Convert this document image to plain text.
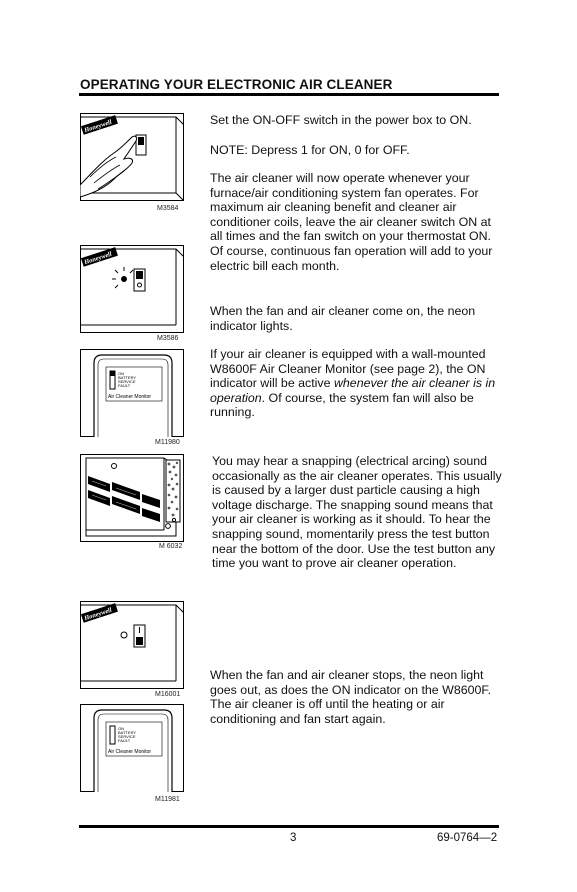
OPERATING YOUR ELECTRONIC AIR CLEANER
Honeywell
M3584
Honeywell
M3586
ON
BATTERY
SERVICE
FAULT
Air Cleaner Monitor
M11980
M 6032
Honeywell
M16001
ON
BATTERY
SERVICE
FAULT
Air Cleaner Monitor
M11981

Set the ON-OFF switch in the power box to ON.

NOTE: Depress 1 for ON, 0 for OFF.

The air cleaner will now operate whenever your furnace/air conditioning system fan operates. For maximum air cleaning benefit and cleaner air conditioner coils, leave the air cleaner switch ON at all times and the fan switch on your thermostat ON. Of course, continuous fan operation will add to your electric bill each month.

When the fan and air cleaner come on, the neon indicator lights.

If your air cleaner is equipped with a wall-mounted W8600F Air Cleaner Monitor (see page 2), the ON indicator will be active whenever the air cleaner is in operation. Of course, the system fan will also be running.

You may hear a snapping (electrical arcing) sound occasionally as the air cleaner operates. This usually is caused by a larger dust particle causing a high voltage discharge. The snapping sound means that your air cleaner is working as it should. To hear the snapping sound, momentarily press the test button near the bottom of the door. Use the test button any time you want to prove air cleaner operation.

When the fan and air cleaner stops, the neon light goes out, as does the ON indicator on the W8600F. The air cleaner is off until the heating or air conditioning and fan start again.

3	69-0764—2
